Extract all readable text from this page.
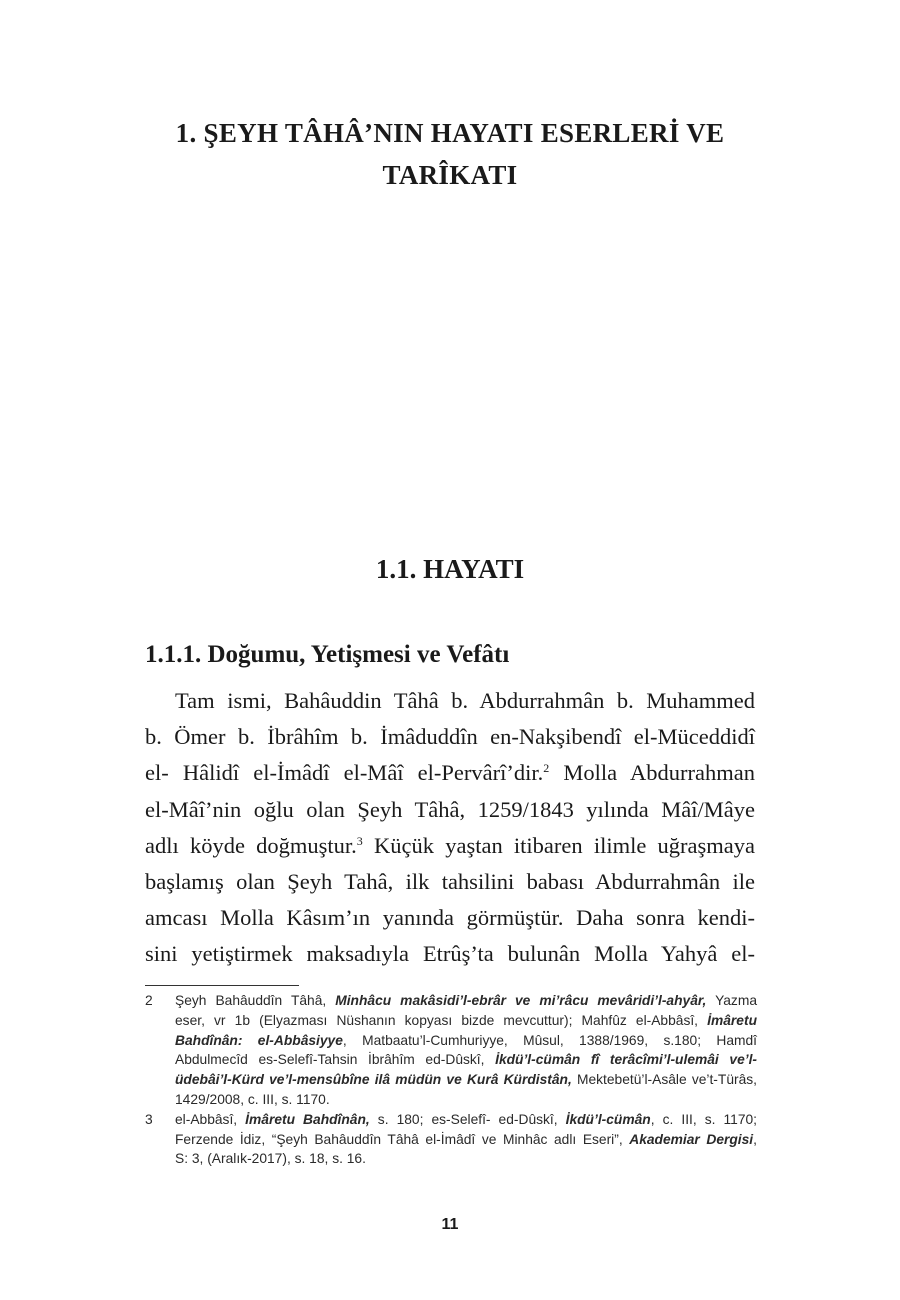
1. ŞEYH TÂHÂ’NIN HAYATI ESERLERİ VE
TARÎKATI
1.1. HAYATI
1.1.1. Doğumu, Yetişmesi ve Vefâtı
Tam ismi, Bahâuddin Tâhâ b. Abdurrahmân b. Muhammed
b. Ömer b. İbrâhîm b. İmâduddîn en-Nakşibendî el-Müceddidî
el- Hâlidî el-İmâdî el-Mâî el-Pervârî’dir.$^2$ Molla Abdurrahman
el-Mâî’nin oğlu olan Şeyh Tâhâ, 1259/1843 yılında Mâî/Mâye
adlı köyde doğmuştur.$^3$ Küçük yaştan itibaren ilimle uğraşmaya
başlamış olan Şeyh Tahâ, ilk tahsilini babası Abdurrahmân ile
amcası Molla Kâsım’ın yanında görmüştür. Daha sonra kendi-
sini yetiştirmek maksadıyla Etrûş’ta bulunân Molla Yahyâ el-
2 Şeyh Bahâuddîn Tâhâ, Minhâcu makâsidi’l-ebrâr ve mi’râcu mevâridi’l-ahyâr, Yazma
eser, vr 1b (Elyazması Nüshanın kopyası bizde mevcuttur); Mahfûz el-Abbâsî, İmâretu
Bahdînân: el-Abbâsiyye, Matbaatu’l-Cumhuriyye, Mûsul, 1388/1969, s.180; Hamdî
Abdulmecîd es-Selefî-Tahsin İbrâhîm ed-Dûskî, İkdü’l-cümân fî terâcîmi’l-ulemâi ve’l-
üdebâi’l-Kürd ve’l-mensûbîne ilâ müdün ve Kurâ Kürdistân, Mektebetü’l-Asâle ve’t-Türâs,
1429/2008, c. III, s. 1170.
3 el-Abbâsî, İmâretu Bahdînân, s. 180; es-Selefî- ed-Dûskî, İkdü’l-cümân, c. III, s. 1170;
Ferzende İdiz, “Şeyh Bahâuddîn Tâhâ el-İmâdî ve Minhâc adlı Eseri”, Akademiar Dergisi,
S: 3, (Aralık-2017), s. 18, s. 16.
11
